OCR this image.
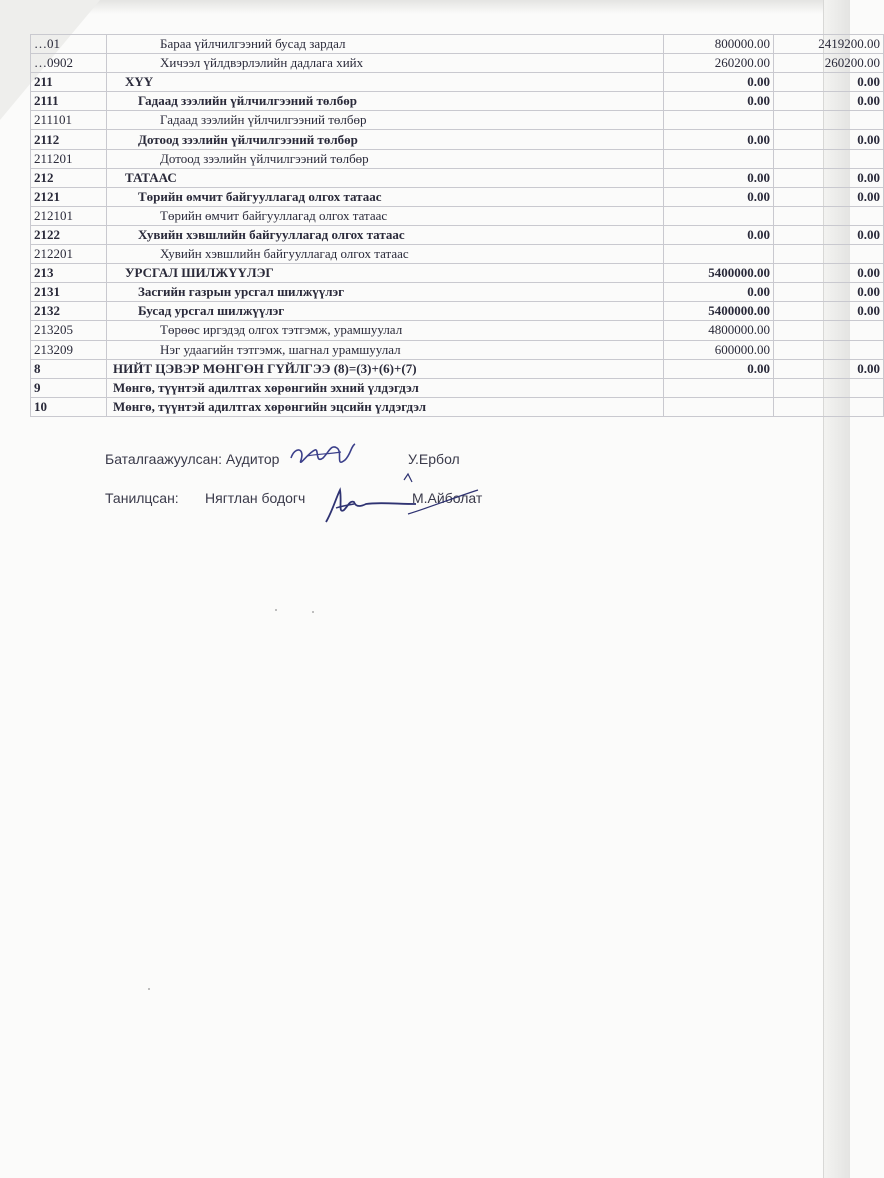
…01	Бараа үйлчилгээний бусад зардал	800000.00	2419200.00
…0902	Хичээл үйлдвэрлэлийн дадлага хийх	260200.00	260200.00
211	ХҮҮ	0.00	0.00
2111	Гадаад зээлийн үйлчилгээний төлбөр	0.00	0.00
211101	Гадаад зээлийн үйлчилгээний төлбөр		
2112	Дотоод зээлийн үйлчилгээний төлбөр	0.00	0.00
211201	Дотоод зээлийн үйлчилгээний төлбөр		
212	ТАТААС	0.00	0.00
2121	Төрийн өмчит байгууллагад олгох татаас	0.00	0.00
212101	Төрийн өмчит байгууллагад олгох татаас		
2122	Хувийн хэвшлийн байгууллагад олгох татаас	0.00	0.00
212201	Хувийн хэвшлийн байгууллагад олгох татаас		
213	УРСГАЛ ШИЛЖҮҮЛЭГ	5400000.00	0.00
2131	Засгийн газрын урсгал шилжүүлэг	0.00	0.00
2132	Бусад урсгал шилжүүлэг	5400000.00	0.00
213205	Төрөөс иргэдэд олгох тэтгэмж, урамшуулал	4800000.00	
213209	Нэг удаагийн тэтгэмж, шагнал урамшуулал	600000.00	
8	НИЙТ ЦЭВЭР МӨНГӨН ГҮЙЛГЭЭ (8)=(3)+(6)+(7)	0.00	0.00
9	Мөнгө, түүнтэй адилтгах хөрөнгийн эхний үлдэгдэл		
10	Мөнгө, түүнтэй адилтгах хөрөнгийн эцсийн үлдэгдэл		
Баталгаажуулсан: Аудитор	У.Ербол
Танилцсан: Нягтлан бодогч	М.Айболат
